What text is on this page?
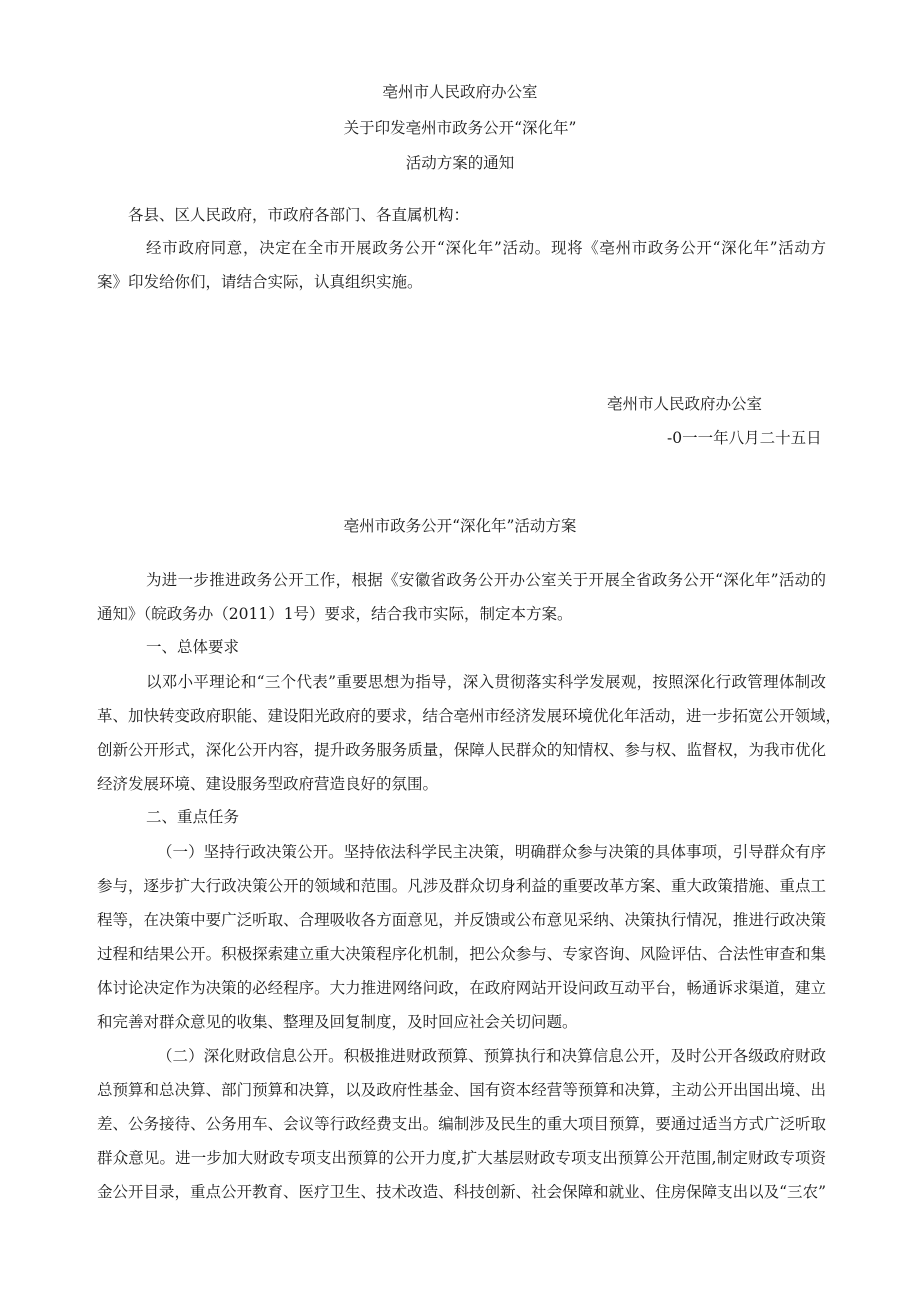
亳州市人民政府办公室
关于印发亳州市政务公开“深化年”
活动方案的通知
各县、区人民政府，市政府各部门、各直属机构：
经市政府同意，决定在全市开展政务公开“深化年”活动。现将《亳州市政务公开“深化年”活动方
案》印发给你们，请结合实际，认真组织实施。
亳州市人民政府办公室
-0一一年八月二十五日
亳州市政务公开“深化年”活动方案
为进一步推进政务公开工作，根据《安徽省政务公开办公室关于开展全省政务公开“深化年”活动的
通知》（皖政务办（2011）1号）要求，结合我市实际，制定本方案。
一、总体要求
以邓小平理论和“三个代表”重要思想为指导，深入贯彻落实科学发展观，按照深化行政管理体制改
革、加快转变政府职能、建设阳光政府的要求，结合亳州市经济发展环境优化年活动，进一步拓宽公开领域，
创新公开形式，深化公开内容，提升政务服务质量，保障人民群众的知情权、参与权、监督权，为我市优化
经济发展环境、建设服务型政府营造良好的氛围。
二、重点任务
（一）坚持行政决策公开。坚持依法科学民主决策，明确群众参与决策的具体事项，引导群众有序
参与，逐步扩大行政决策公开的领域和范围。凡涉及群众切身利益的重要改革方案、重大政策措施、重点工
程等，在决策中要广泛听取、合理吸收各方面意见，并反馈或公布意见采纳、决策执行情况，推进行政决策
过程和结果公开。积极探索建立重大决策程序化机制，把公众参与、专家咨询、风险评估、合法性审查和集
体讨论决定作为决策的必经程序。大力推进网络问政，在政府网站开设问政互动平台，畅通诉求渠道，建立
和完善对群众意见的收集、整理及回复制度，及时回应社会关切问题。
（二）深化财政信息公开。积极推进财政预算、预算执行和决算信息公开，及时公开各级政府财政
总预算和总决算、部门预算和决算，以及政府性基金、国有资本经营等预算和决算，主动公开出国出境、出
差、公务接待、公务用车、会议等行政经费支出。编制涉及民生的重大项目预算，要通过适当方式广泛听取
群众意见。进一步加大财政专项支出预算的公开力度,扩大基层财政专项支出预算公开范围,制定财政专项资
金公开目录，重点公开教育、医疗卫生、技术改造、科技创新、社会保障和就业、住房保障支出以及“三农”
